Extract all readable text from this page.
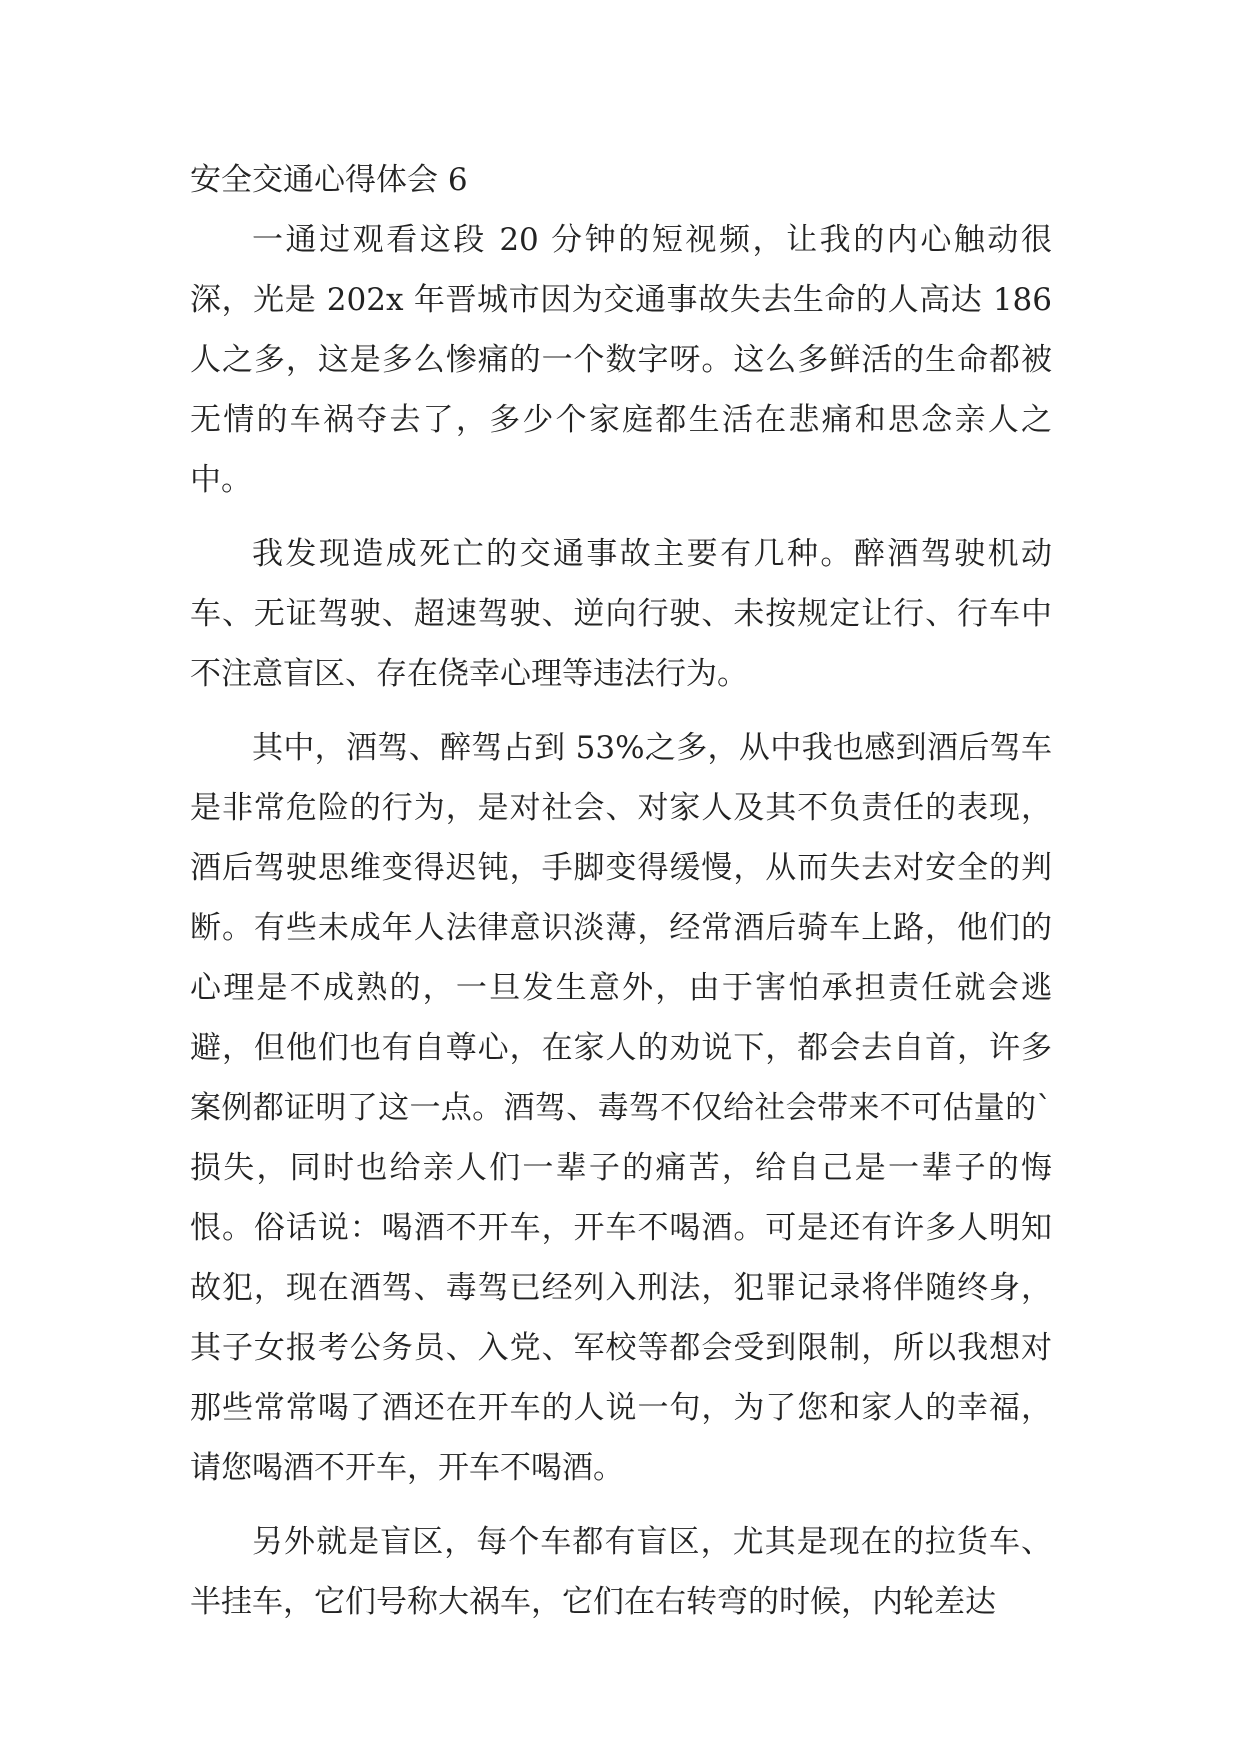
安全交通心得体会 6

一通过观看这段 20 分钟的短视频，让我的内心触动很深，光是 202x 年晋城市因为交通事故失去生命的人高达 186 人之多，这是多么惨痛的一个数字呀。这么多鲜活的生命都被无情的车祸夺去了，多少个家庭都生活在悲痛和思念亲人之中。

我发现造成死亡的交通事故主要有几种。醉酒驾驶机动车、无证驾驶、超速驾驶、逆向行驶、未按规定让行、行车中不注意盲区、存在侥幸心理等违法行为。

其中，酒驾、醉驾占到 53%之多，从中我也感到酒后驾车是非常危险的行为，是对社会、对家人及其不负责任的表现，酒后驾驶思维变得迟钝，手脚变得缓慢，从而失去对安全的判断。有些未成年人法律意识淡薄，经常酒后骑车上路，他们的心理是不成熟的，一旦发生意外，由于害怕承担责任就会逃避，但他们也有自尊心，在家人的劝说下，都会去自首，许多案例都证明了这一点。酒驾、毒驾不仅给社会带来不可估量的`损失，同时也给亲人们一辈子的痛苦，给自己是一辈子的悔恨。俗话说：喝酒不开车，开车不喝酒。可是还有许多人明知故犯，现在酒驾、毒驾已经列入刑法，犯罪记录将伴随终身，其子女报考公务员、入党、军校等都会受到限制，所以我想对那些常常喝了酒还在开车的人说一句，为了您和家人的幸福，请您喝酒不开车，开车不喝酒。

另外就是盲区，每个车都有盲区，尤其是现在的拉货车、半挂车，它们号称大祸车，它们在右转弯的时候，内轮差达
